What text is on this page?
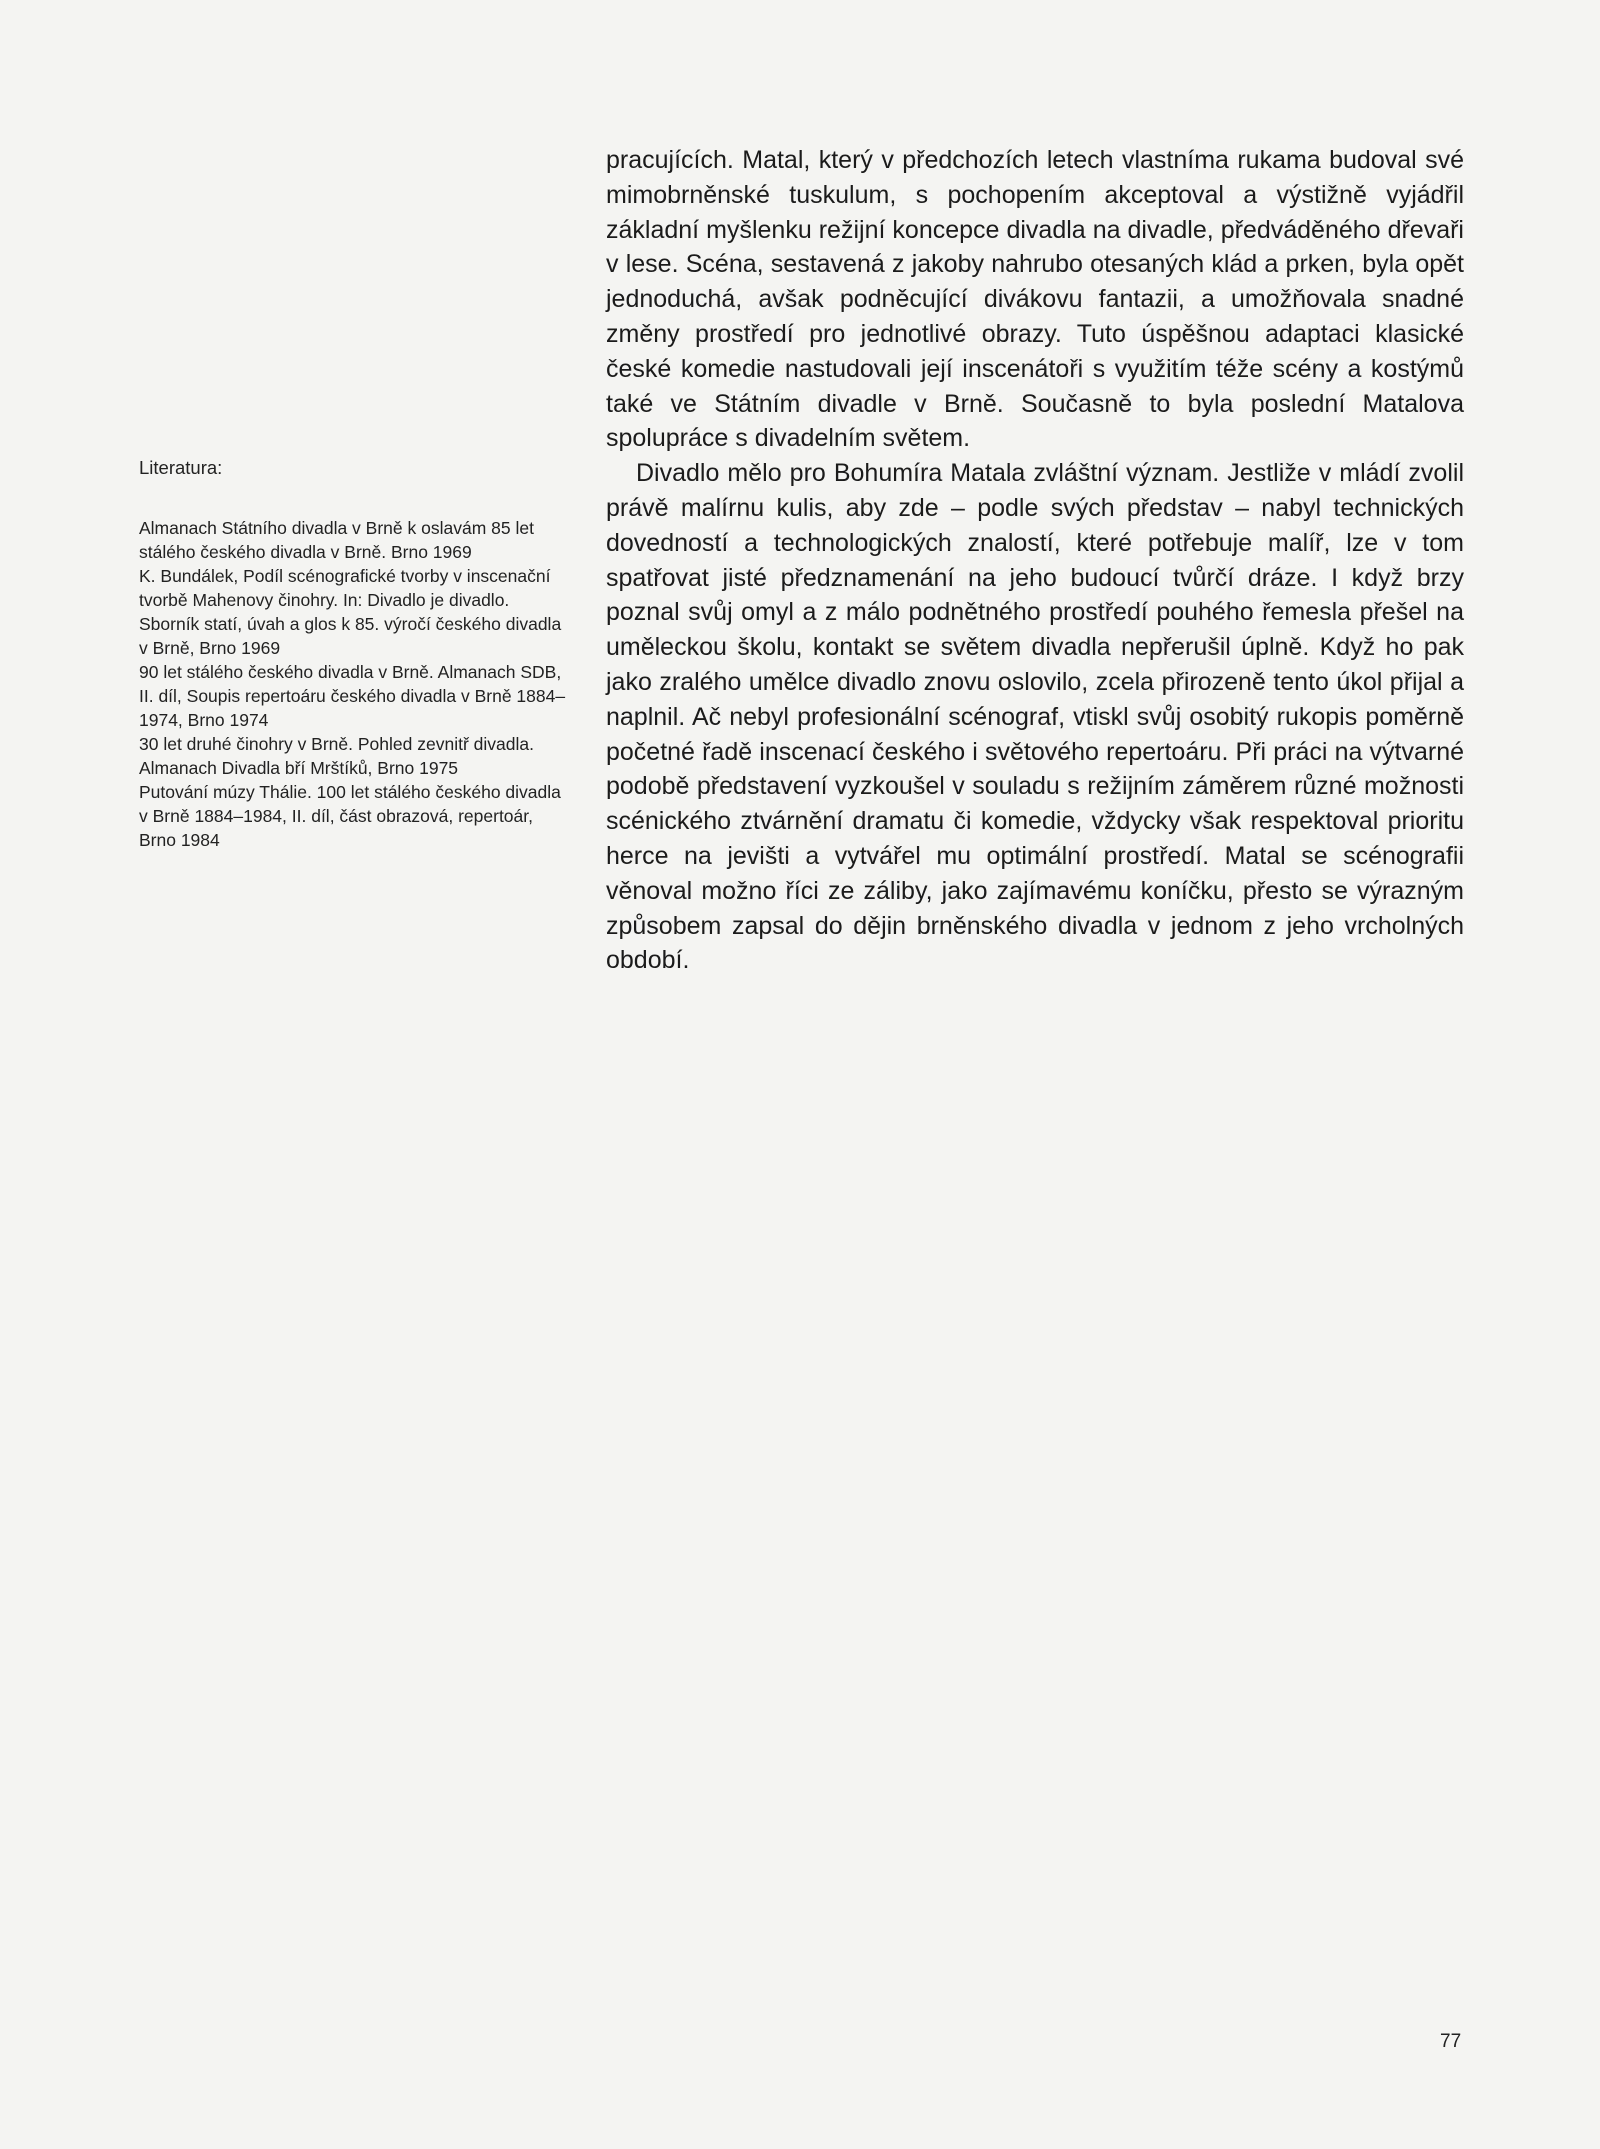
Literatura:
Almanach Státního divadla v Brně k oslavám 85 let stálého českého divadla v Brně. Brno 1969
K. Bundálek, Podíl scénografické tvorby v inscenační tvorbě Mahenovy činohry. In: Divadlo je divadlo. Sborník statí, úvah a glos k 85. výročí českého divadla v Brně, Brno 1969
90 let stálého českého divadla v Brně. Almanach SDB, II. díl, Soupis repertoáru českého divadla v Brně 1884–1974, Brno 1974
30 let druhé činohry v Brně. Pohled zevnitř divadla. Almanach Divadla bří Mrštíků, Brno 1975
Putování múzy Thálie. 100 let stálého českého divadla v Brně 1884–1984, II. díl, část obrazová, repertoár, Brno 1984

pracujících. Matal, který v předchozích letech vlastníma rukama budoval své mimobrněnské tuskulum, s pochopením akceptoval a výstižně vyjádřil základní myšlenku režijní koncepce divadla na divadle, předváděného dřevaři v lese. Scéna, sestavená z jakoby nahrubo otesaných klád a prken, byla opět jednoduchá, avšak podněcující divákovu fantazii, a umožňovala snadné změny prostředí pro jednotlivé obrazy. Tuto úspěšnou adaptaci klasické české komedie nastudovali její inscenátoři s využitím téže scény a kostýmů také ve Státním divadle v Brně. Současně to byla poslední Matalova spolupráce s divadelním světem.

Divadlo mělo pro Bohumíra Matala zvláštní význam. Jestliže v mládí zvolil právě malírnu kulis, aby zde – podle svých představ – nabyl technických dovedností a technologických znalostí, které potřebuje malíř, lze v tom spatřovat jisté předznamenání na jeho budoucí tvůrčí dráze. I když brzy poznal svůj omyl a z málo podnětného prostředí pouhého řemesla přešel na uměleckou školu, kontakt se světem divadla nepřerušil úplně. Když ho pak jako zralého umělce divadlo znovu oslovilo, zcela přirozeně tento úkol přijal a naplnil. Ač nebyl profesionální scénograf, vtiskl svůj osobitý rukopis poměrně početné řadě inscenací českého i světového repertoáru. Při práci na výtvarné podobě představení vyzkoušel v souladu s režijním záměrem různé možnosti scénického ztvárnění dramatu či komedie, vždycky však respektoval prioritu herce na jevišti a vytvářel mu optimální prostředí. Matal se scénografii věnoval možno říci ze záliby, jako zajímavému koníčku, přesto se výrazným způsobem zapsal do dějin brněnského divadla v jednom z jeho vrcholných období.

77
